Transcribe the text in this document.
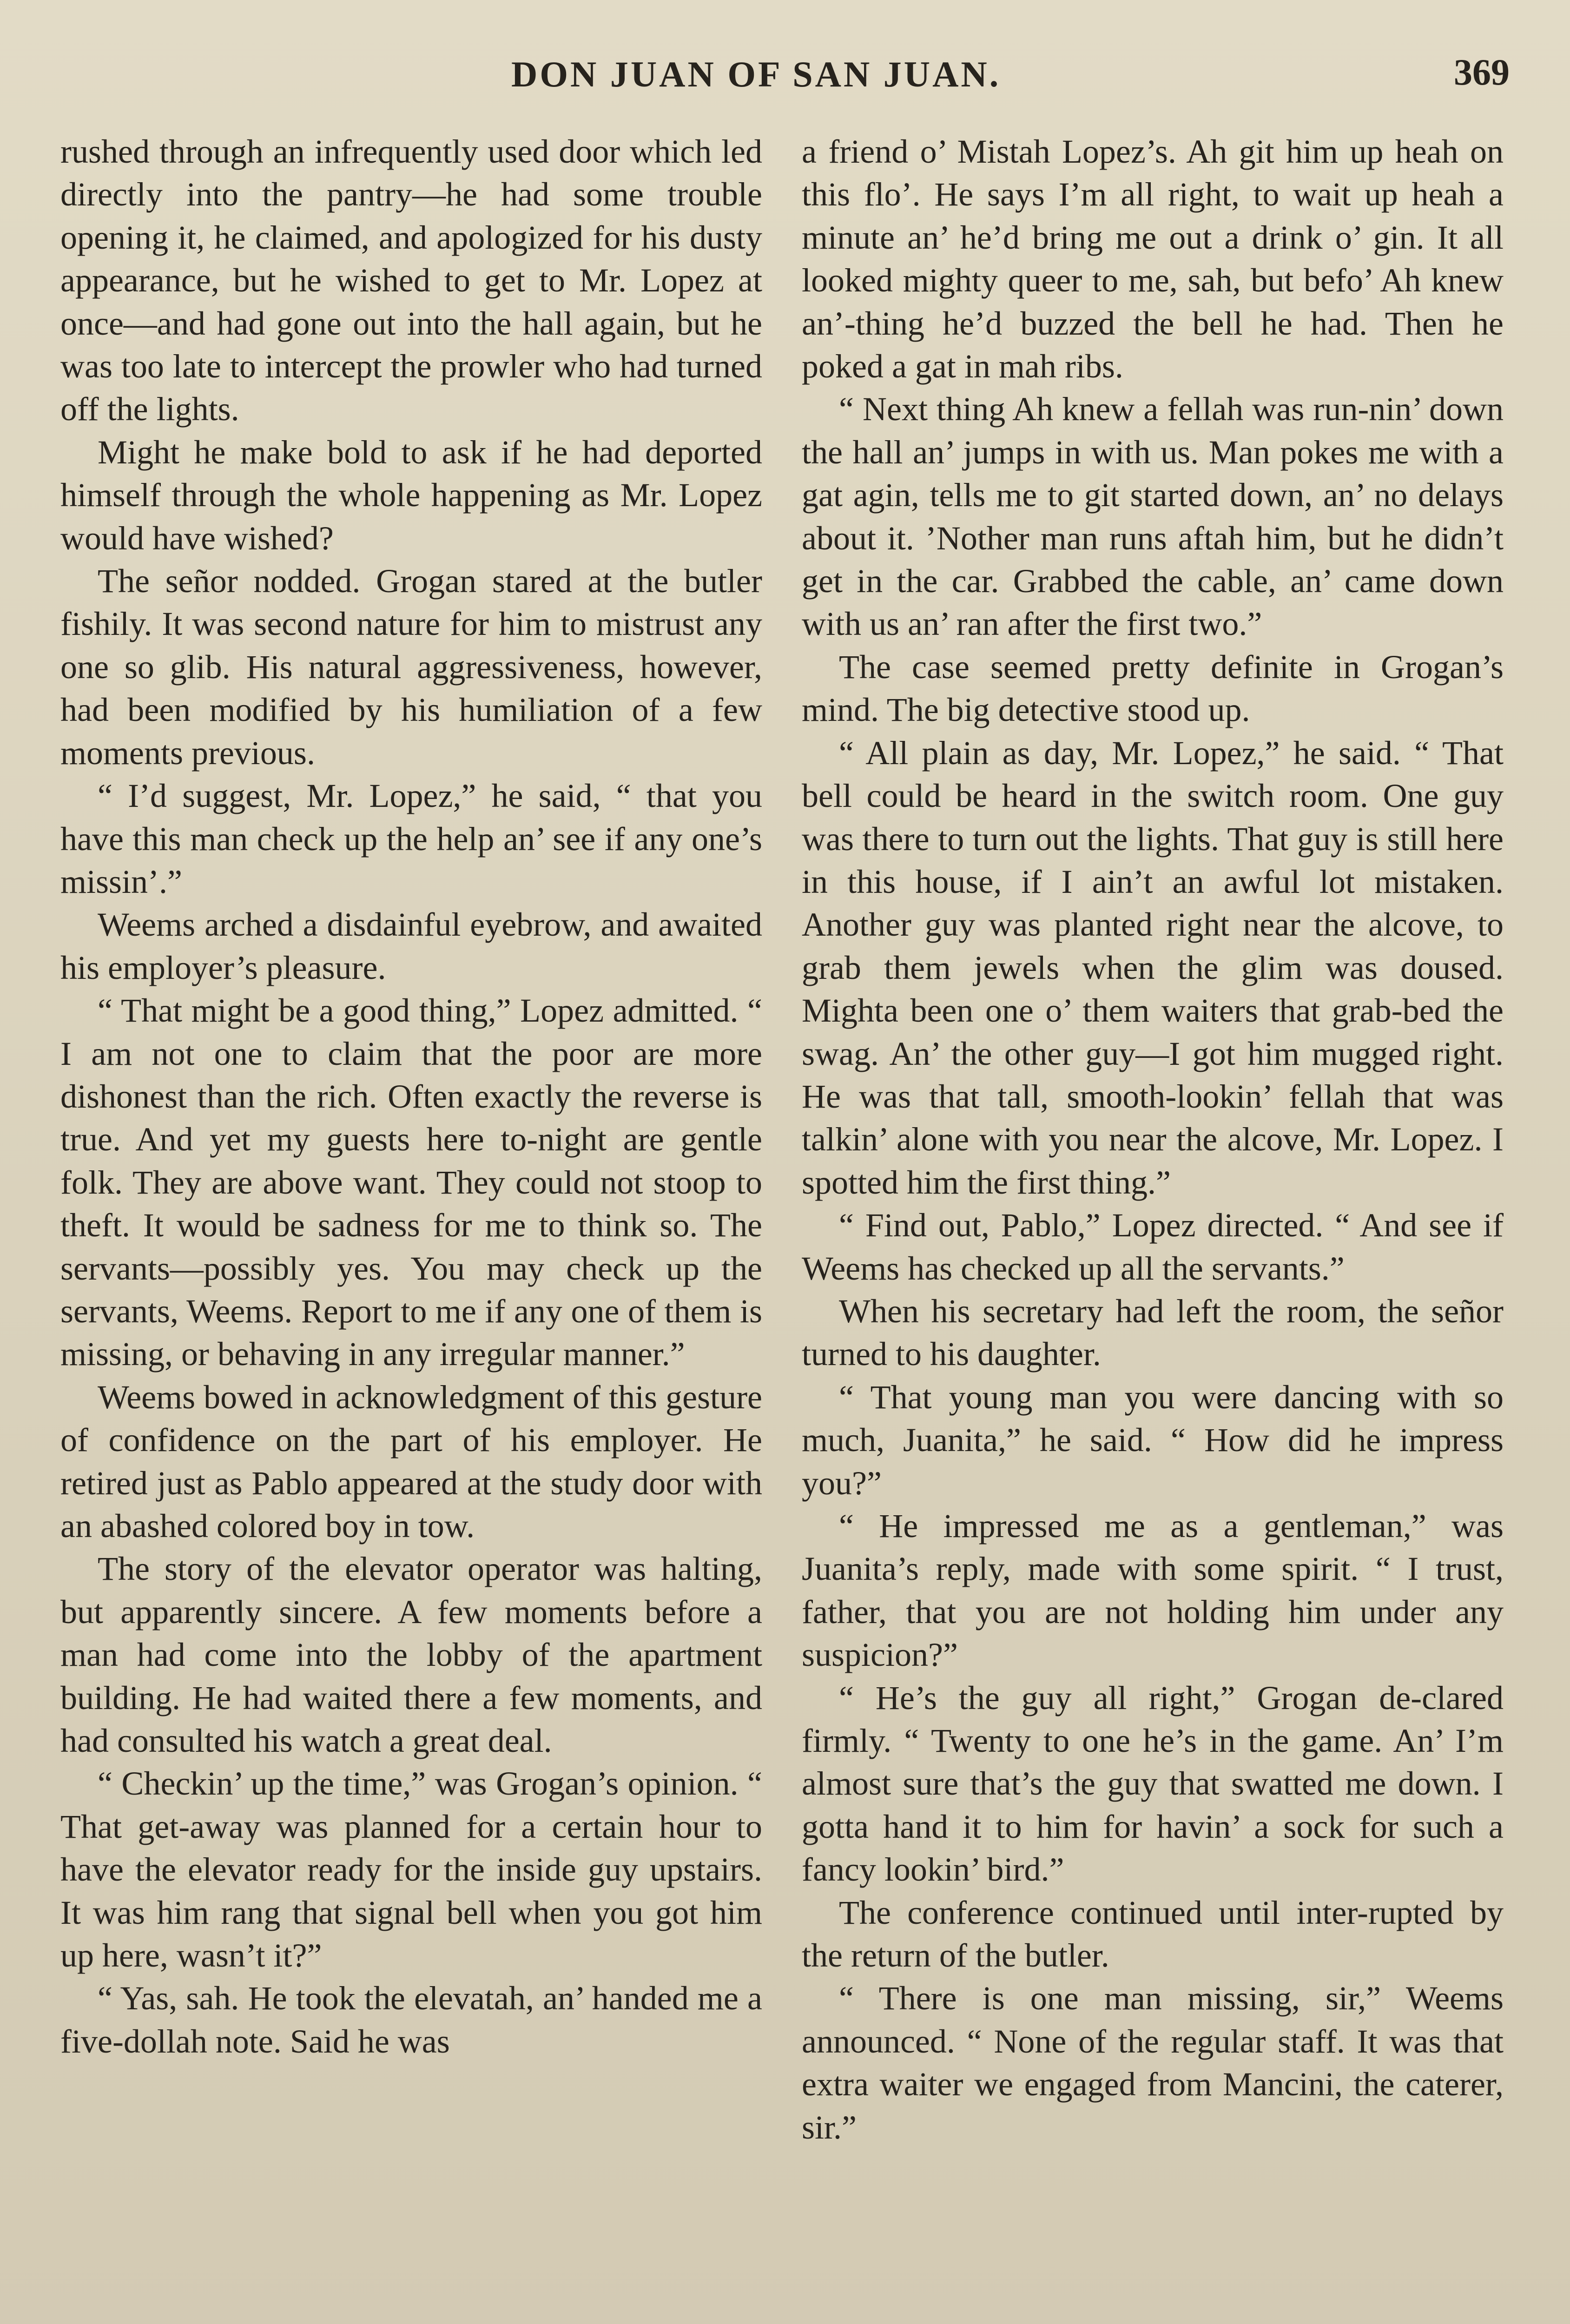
DON JUAN OF SAN JUAN.	369

rushed through an infrequently used door which led directly into the pantry—he had some trouble opening it, he claimed, and apologized for his dusty appearance, but he wished to get to Mr. Lopez at once—and had gone out into the hall again, but he was too late to intercept the prowler who had turned off the lights.

Might he make bold to ask if he had deported himself through the whole happening as Mr. Lopez would have wished?

The señor nodded. Grogan stared at the butler fishily. It was second nature for him to mistrust any one so glib. His natural aggressiveness, however, had been modified by his humiliation of a few moments previous.

“ I’d suggest, Mr. Lopez,” he said, “ that you have this man check up the help an’ see if any one’s missin’.”

Weems arched a disdainful eyebrow, and awaited his employer’s pleasure.

“ That might be a good thing,” Lopez admitted. “ I am not one to claim that the poor are more dishonest than the rich. Often exactly the reverse is true. And yet my guests here to-night are gentle folk. They are above want. They could not stoop to theft. It would be sadness for me to think so. The servants—possibly yes. You may check up the servants, Weems. Report to me if any one of them is missing, or behaving in any irregular manner.”

Weems bowed in acknowledgment of this gesture of confidence on the part of his employer. He retired just as Pablo appeared at the study door with an abashed colored boy in tow.

The story of the elevator operator was halting, but apparently sincere. A few moments before a man had come into the lobby of the apartment building. He had waited there a few moments, and had consulted his watch a great deal.

“ Checkin’ up the time,” was Grogan’s opinion. “ That get-away was planned for a certain hour to have the elevator ready for the inside guy upstairs. It was him rang that signal bell when you got him up here, wasn’t it?”

“ Yas, sah. He took the elevatah, an’ handed me a five-dollah note. Said he was

a friend o’ Mistah Lopez’s. Ah git him up heah on this flo’. He says I’m all right, to wait up heah a minute an’ he’d bring me out a drink o’ gin. It all looked mighty queer to me, sah, but befo’ Ah knew an’-thing he’d buzzed the bell he had. Then he poked a gat in mah ribs.

“ Next thing Ah knew a fellah was run-nin’ down the hall an’ jumps in with us. Man pokes me with a gat agin, tells me to git started down, an’ no delays about it. ’Nother man runs aftah him, but he didn’t get in the car. Grabbed the cable, an’ came down with us an’ ran after the first two.”

The case seemed pretty definite in Grogan’s mind. The big detective stood up.

“ All plain as day, Mr. Lopez,” he said. “ That bell could be heard in the switch room. One guy was there to turn out the lights. That guy is still here in this house, if I ain’t an awful lot mistaken. Another guy was planted right near the alcove, to grab them jewels when the glim was doused. Mighta been one o’ them waiters that grab-bed the swag. An’ the other guy—I got him mugged right. He was that tall, smooth-lookin’ fellah that was talkin’ alone with you near the alcove, Mr. Lopez. I spotted him the first thing.”

“ Find out, Pablo,” Lopez directed. “ And see if Weems has checked up all the servants.”

When his secretary had left the room, the señor turned to his daughter.

“ That young man you were dancing with so much, Juanita,” he said. “ How did he impress you?”

“ He impressed me as a gentleman,” was Juanita’s reply, made with some spirit. “ I trust, father, that you are not holding him under any suspicion?”

“ He’s the guy all right,” Grogan de-clared firmly. “ Twenty to one he’s in the game. An’ I’m almost sure that’s the guy that swatted me down. I gotta hand it to him for havin’ a sock for such a fancy lookin’ bird.”

The conference continued until inter-rupted by the return of the butler.

“ There is one man missing, sir,” Weems announced. “ None of the regular staff. It was that extra waiter we engaged from Mancini, the caterer, sir.”
